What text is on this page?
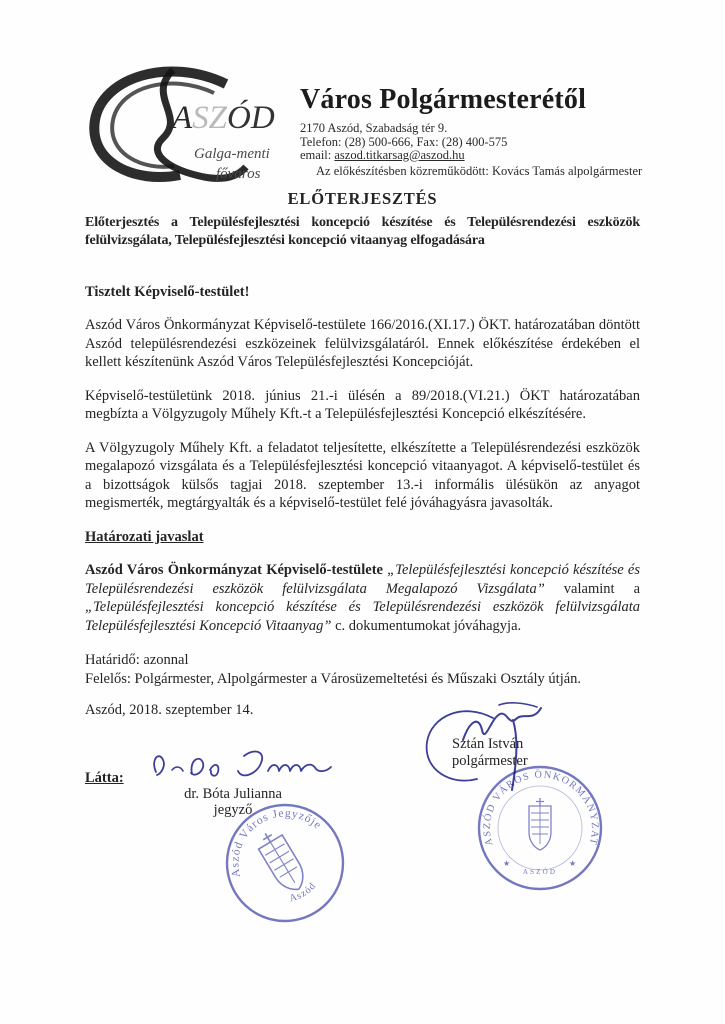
ASZÓD
Galga-menti
főváros
Város Polgármesterétől
2170 Aszód, Szabadság tér 9.
Telefon: (28) 500-666, Fax: (28) 400-575
email: aszod.titkarsag@aszod.hu
Az előkészítésben közreműködött: Kovács Tamás alpolgármester
ELŐTERJESZTÉS

Előterjesztés a Településfejlesztési koncepció készítése és Településrendezési eszközök felülvizsgálata, Településfejlesztési koncepció vitaanyag elfogadására

Tisztelt Képviselő-testület!

Aszód Város Önkormányzat Képviselő-testülete 166/2016.(XI.17.) ÖKT. határozatában döntött Aszód településrendezési eszközeinek felülvizsgálatáról. Ennek előkészítése érdekében el kellett készítenünk Aszód Város Településfejlesztési Koncepcióját.

Képviselő-testületünk 2018. június 21.-i ülésén a 89/2018.(VI.21.) ÖKT határozatában megbízta a Völgyzugoly Műhely Kft.-t a Településfejlesztési Koncepció elkészítésére.

A Völgyzugoly Műhely Kft. a feladatot teljesítette, elkészítette a Településrendezési eszközök megalapozó vizsgálata és a Településfejlesztési koncepció vitaanyagot. A képviselő-testület és a bizottságok külsős tagjai 2018. szeptember 13.-i informális ülésükön az anyagot megismerték, megtárgyalták és a képviselő-testület felé jóváhagyásra javasolták.

Határozati javaslat

Aszód Város Önkormányzat Képviselő-testülete „Településfejlesztési koncepció készítése és Településrendezési eszközök felülvizsgálata Megalapozó Vizsgálata” valamint a „Településfejlesztési koncepció készítése és Településrendezési eszközök felülvizsgálata Településfejlesztési Koncepció Vitaanyag” c. dokumentumokat jóváhagyja.

Határidő: azonnal

Felelős: Polgármester, Alpolgármester a Városüzemeltetési és Műszaki Osztály útján.

Aszód, 2018. szeptember 14.

Sztán István
polgármester
ASZÓD VÁROS ÖNKORMÁNYZAT
★	★
ASZÓD
Látta:
dr. Bóta Julianna
jegyző
Aszód Város Jegyzője
Aszód
